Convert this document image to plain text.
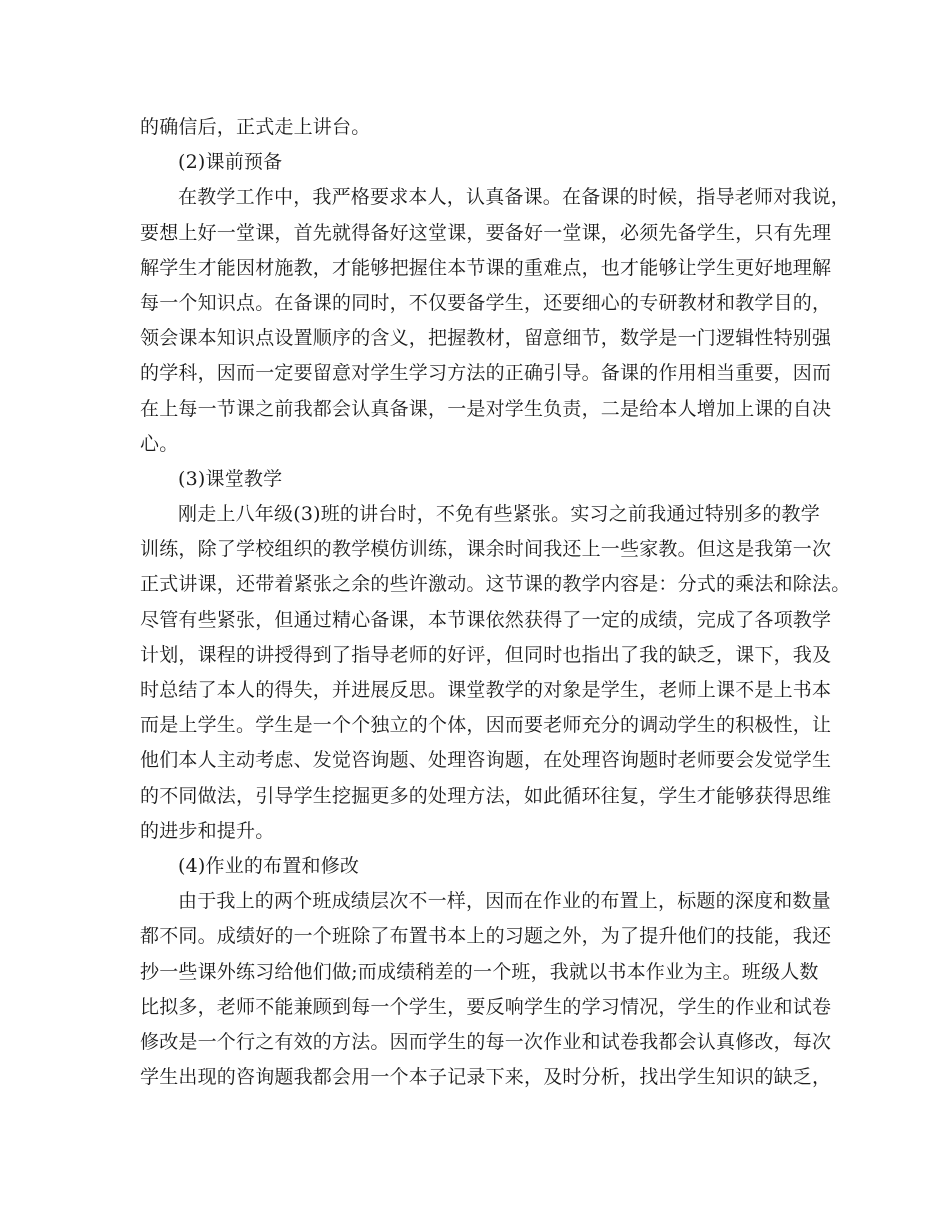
的确信后，正式走上讲台。
(2)课前预备
在教学工作中，我严格要求本人，认真备课。在备课的时候，指导老师对我说，
要想上好一堂课，首先就得备好这堂课，要备好一堂课，必须先备学生，只有先理
解学生才能因材施教，才能够把握住本节课的重难点，也才能够让学生更好地理解
每一个知识点。在备课的同时，不仅要备学生，还要细心的专研教材和教学目的，
领会课本知识点设置顺序的含义，把握教材，留意细节，数学是一门逻辑性特别强
的学科，因而一定要留意对学生学习方法的正确引导。备课的作用相当重要，因而
在上每一节课之前我都会认真备课，一是对学生负责，二是给本人增加上课的自决
心。
(3)课堂教学
刚走上八年级(3)班的讲台时，不免有些紧张。实习之前我通过特别多的教学
训练，除了学校组织的教学模仿训练，课余时间我还上一些家教。但这是我第一次
正式讲课，还带着紧张之余的些许激动。这节课的教学内容是：分式的乘法和除法。
尽管有些紧张，但通过精心备课，本节课依然获得了一定的成绩，完成了各项教学
计划，课程的讲授得到了指导老师的好评，但同时也指出了我的缺乏，课下，我及
时总结了本人的得失，并进展反思。课堂教学的对象是学生，老师上课不是上书本
而是上学生。学生是一个个独立的个体，因而要老师充分的调动学生的积极性，让
他们本人主动考虑、发觉咨询题、处理咨询题，在处理咨询题时老师要会发觉学生
的不同做法，引导学生挖掘更多的处理方法，如此循环往复，学生才能够获得思维
的进步和提升。
(4)作业的布置和修改
由于我上的两个班成绩层次不一样，因而在作业的布置上，标题的深度和数量
都不同。成绩好的一个班除了布置书本上的习题之外，为了提升他们的技能，我还
抄一些课外练习给他们做;而成绩稍差的一个班，我就以书本作业为主。班级人数
比拟多，老师不能兼顾到每一个学生，要反响学生的学习情况，学生的作业和试卷
修改是一个行之有效的方法。因而学生的每一次作业和试卷我都会认真修改，每次
学生出现的咨询题我都会用一个本子记录下来，及时分析，找出学生知识的缺乏，
